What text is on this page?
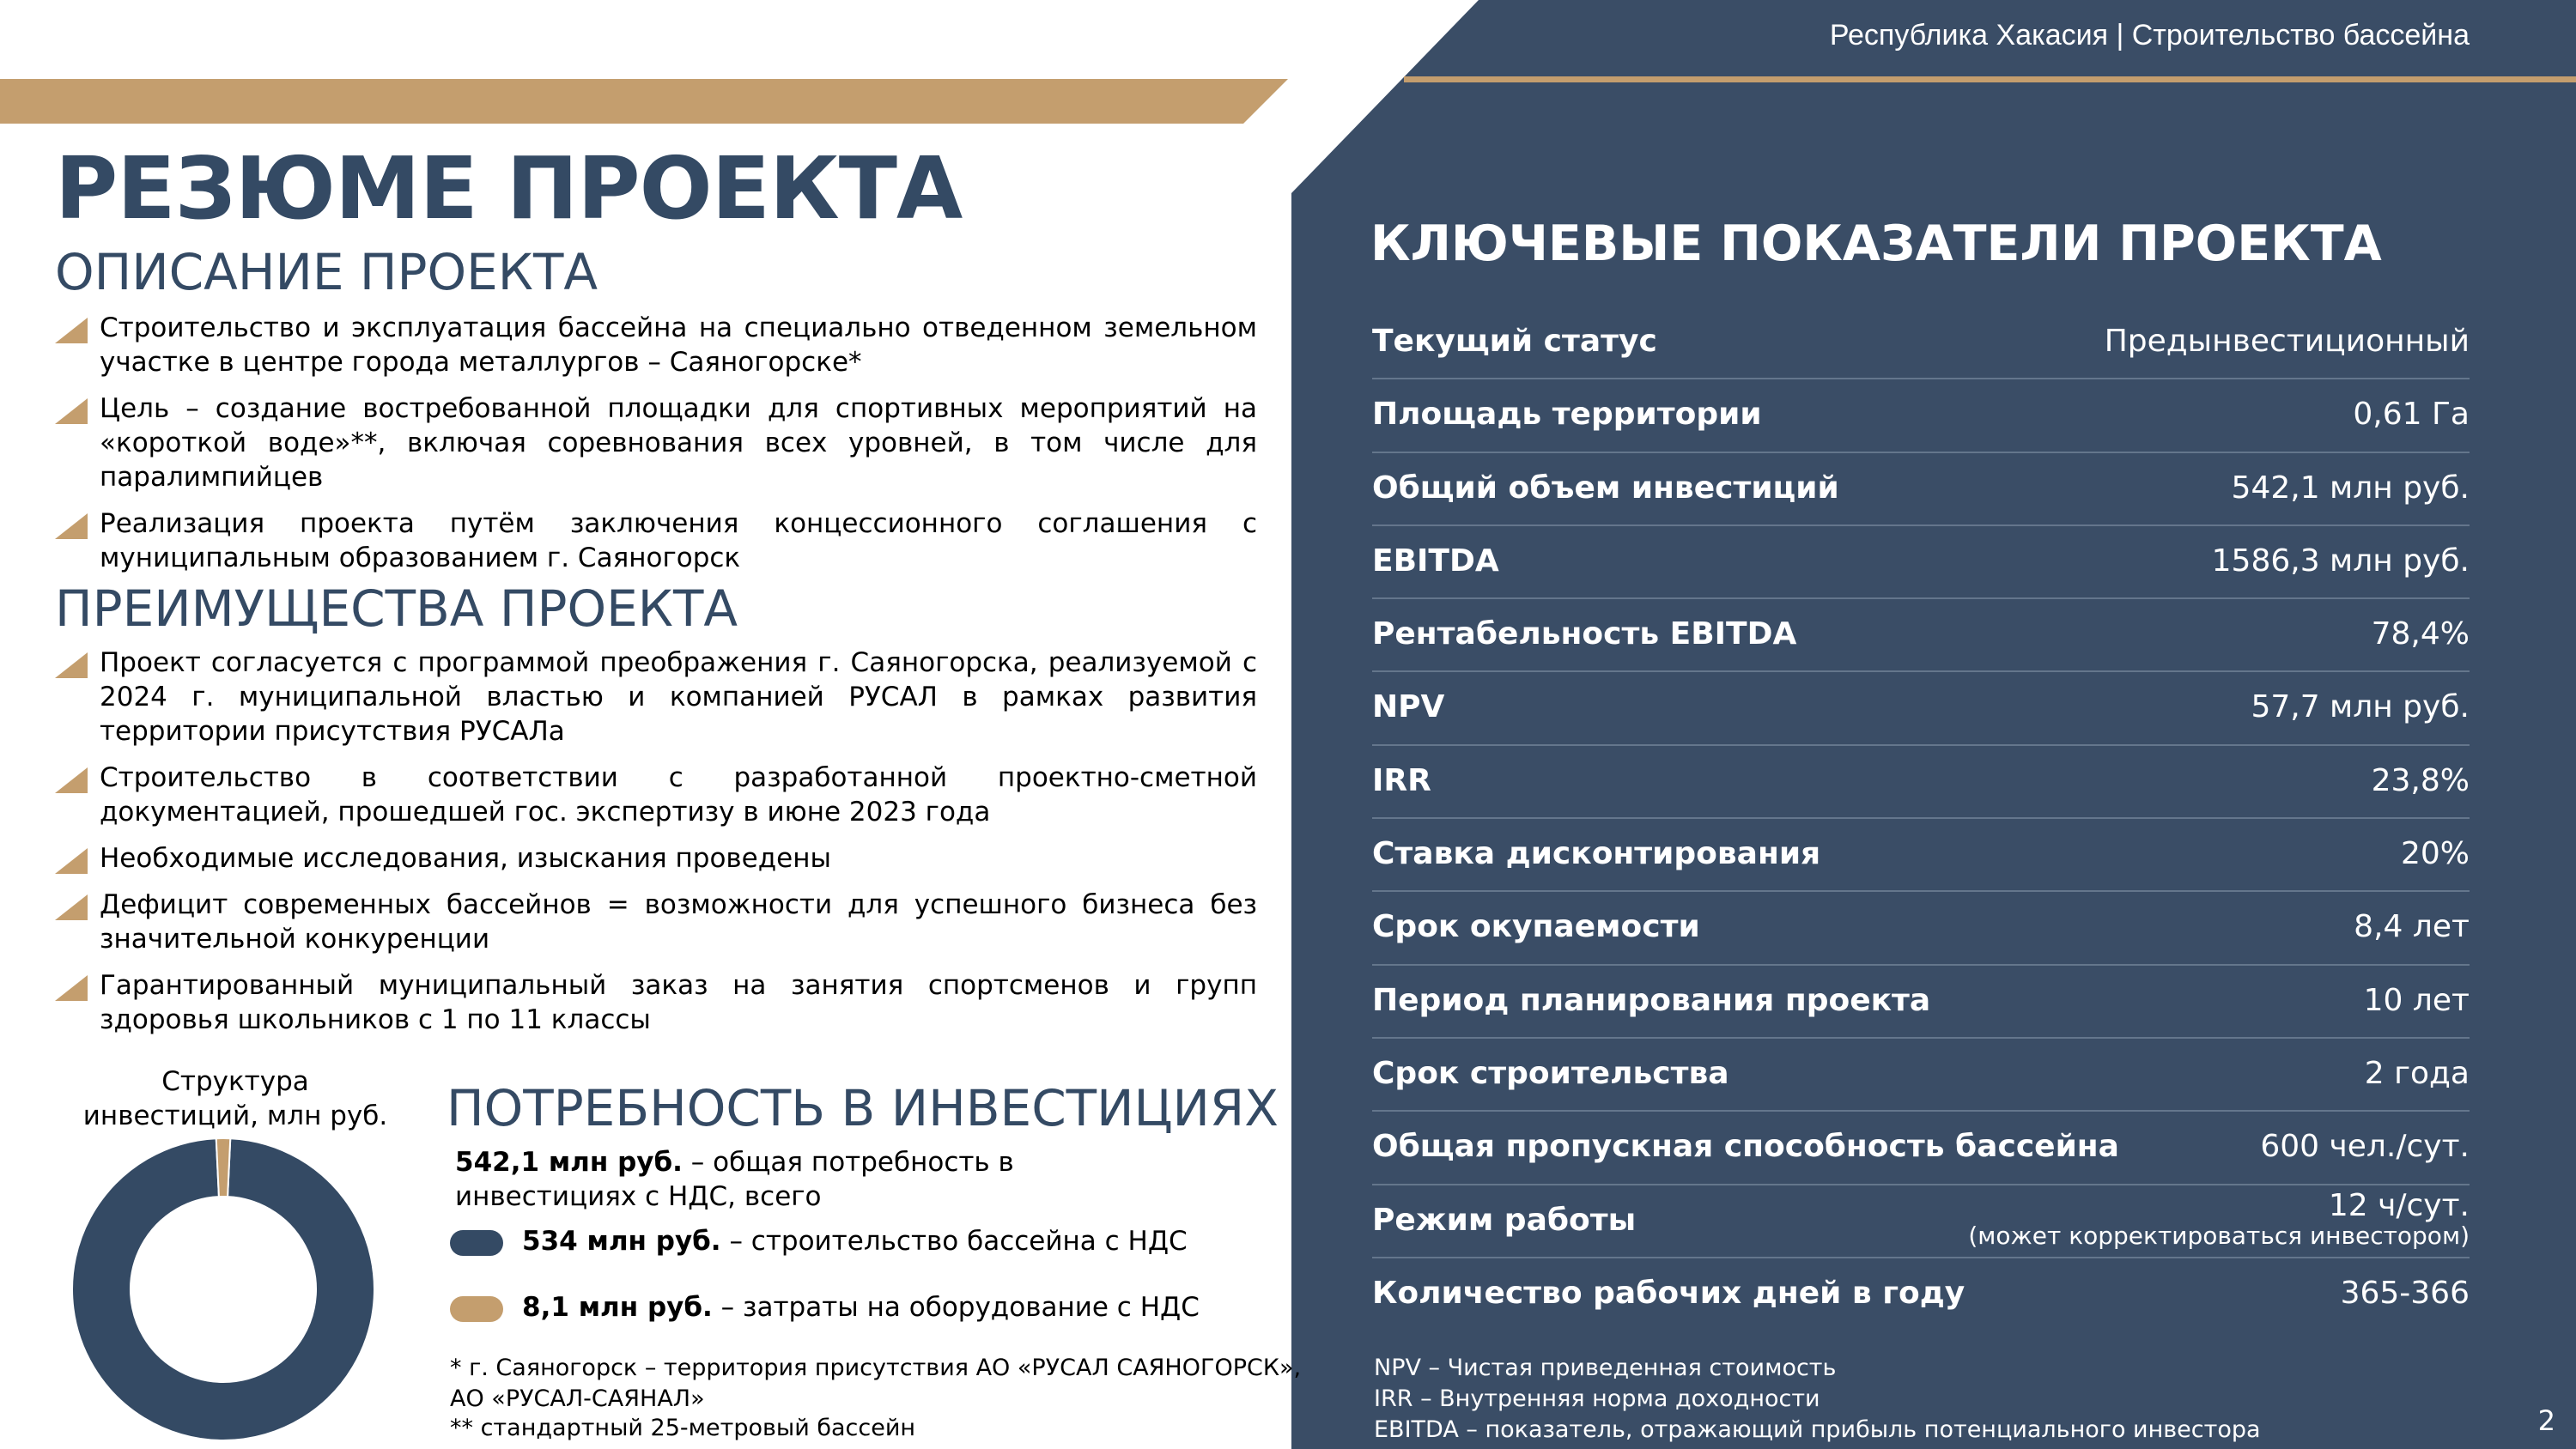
Республика Хакасия | Строительство бассейна
РЕЗЮМЕ ПРОЕКТА
ОПИСАНИЕ ПРОЕКТА
Строительство и эксплуатация бассейна на специально отведенном земельном участке в центре города металлургов – Саяногорске*
Цель – создание востребованной площадки для спортивных мероприятий на «короткой воде»**, включая соревнования всех уровней, в том числе для паралимпийцев
Реализация проекта путём заключения концессионного соглашения с муниципальным образованием г. Саяногорск
ПРЕИМУЩЕСТВА ПРОЕКТА
Проект согласуется с программой преображения г. Саяногорска, реализуемой с 2024 г. муниципальной властью и компанией РУСАЛ в рамках развития территории присутствия РУСАЛа
Строительство в соответствии с разработанной проектно-сметной документацией, прошедшей гос. экспертизу в июне 2023 года
Необходимые исследования, изыскания проведены
Дефицит современных бассейнов = возможности для успешного бизнеса без значительной конкуренции
Гарантированный муниципальный заказ на занятия спортсменов и групп здоровья школьников с 1 по 11 классы

Структура инвестиций, млн руб. ПОТРЕБНОСТЬ В ИНВЕСТИЦИЯХ

542,1 млн руб. – общая потребность в инвестициях с НДС, всего

534 млн руб. – строительство бассейна с НДС
8,1 млн руб. – затраты на оборудование с НДС

* г. Саяногорск – территория присутствия АО «РУСАЛ САЯНОГОРСК»,

АО «РУСАЛ-САЯНАЛ»

** стандартный 25-метровый бассейн

КЛЮЧЕВЫЕ ПОКАЗАТЕЛИ ПРОЕКТА
Текущий статус	Предынвестиционный
Площадь территории	0,61 Га
Общий объем инвестиций	542,1 млн руб.
EBITDA	1586,3 млн руб.
Рентабельность EBITDA	78,4%
NPV	57,7 млн руб.
IRR	23,8%
Ставка дисконтирования	20%
Срок окупаемости	8,4 лет
Период планирования проекта	10 лет
Срок строительства	2 года
Общая пропускная способность бассейна	600 чел./сут.
Режим работы	12 ч/сут.
(может корректироваться инвестором)
Количество рабочих дней в году	365-366
NPV – Чистая приведенная стоимость
IRR – Внутренняя норма доходности
EBITDA – показатель, отражающий прибыль потенциального инвестора	2
